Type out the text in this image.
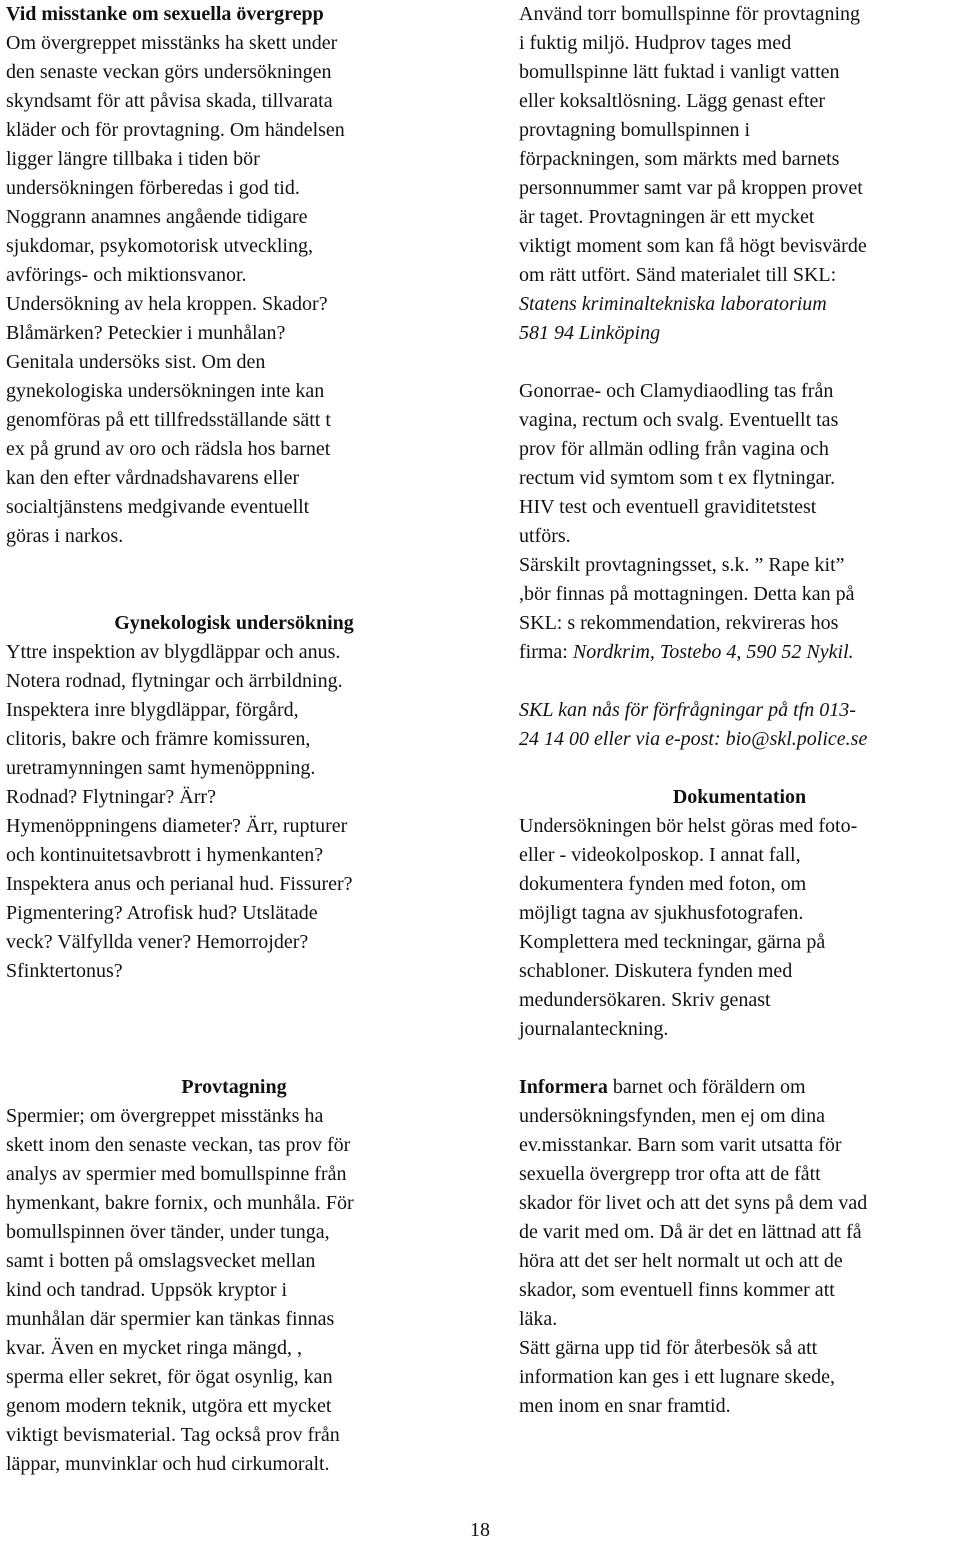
Vid misstanke om sexuella övergrepp

Om övergreppet misstänks ha skett under

den senaste veckan görs undersökningen

skyndsamt för att påvisa skada, tillvarata

kläder och för provtagning. Om händelsen

ligger längre tillbaka i tiden bör

undersökningen förberedas i god tid.

Noggrann anamnes angående tidigare

sjukdomar, psykomotorisk utveckling,

avförings- och miktionsvanor.

Undersökning av hela kroppen. Skador?

Blåmärken? Peteckier i munhålan?

Genitala undersöks sist. Om den

gynekologiska undersökningen inte kan

genomföras på ett tillfredsställande sätt t

ex på grund av oro och rädsla hos barnet

kan den efter vårdnadshavarens eller

socialtjänstens medgivande eventuellt

göras i narkos.

Gynekologisk undersökning

Yttre inspektion av blygdläppar och anus.

Notera rodnad, flytningar och ärrbildning.

Inspektera inre blygdläppar, förgård,

clitoris, bakre och främre komissuren,

uretramynningen samt hymenöppning.

Rodnad? Flytningar? Ärr?

Hymenöppningens diameter? Ärr, rupturer

och kontinuitetsavbrott i hymenkanten?

Inspektera anus och perianal hud. Fissurer?

Pigmentering? Atrofisk hud? Utslätade

veck? Välfyllda vener? Hemorrojder?

Sfinktertonus?

Provtagning

Spermier; om övergreppet misstänks ha

skett inom den senaste veckan, tas prov för

analys av spermier med bomullspinne från

hymenkant, bakre fornix, och munhåla. För

bomullspinnen över tänder, under tunga,

samt i botten på omslagsvecket mellan

kind och tandrad. Uppsök kryptor i

munhålan där spermier kan tänkas finnas

kvar. Även en mycket ringa mängd, ,

sperma eller sekret, för ögat osynlig, kan

genom modern teknik, utgöra ett mycket

viktigt bevismaterial. Tag också prov från

läppar, munvinklar och hud cirkumoralt.

Använd torr bomullspinne för provtagning

i fuktig miljö. Hudprov tages med

bomullspinne lätt fuktad i vanligt vatten

eller koksaltlösning. Lägg genast efter

provtagning bomullspinnen i

förpackningen, som märkts med barnets

personnummer samt var på kroppen provet

är taget. Provtagningen är ett mycket

viktigt moment som kan få högt bevisvärde

om rätt utfört. Sänd materialet till SKL:

Statens kriminaltekniska laboratorium

581 94 Linköping

Gonorrae- och Clamydiaodling tas från

vagina, rectum och svalg. Eventuellt tas

prov för allmän odling från vagina och

rectum vid symtom som t ex flytningar.

HIV test och eventuell graviditetstest

utförs.

Särskilt provtagningsset, s.k. ” Rape kit”

,bör finnas på mottagningen. Detta kan på

SKL: s rekommendation, rekvireras hos

firma: Nordkrim, Tostebo 4, 590 52 Nykil.

SKL kan nås för förfrågningar på tfn 013-

24 14 00 eller via e-post: bio@skl.police.se

Dokumentation

Undersökningen bör helst göras med foto-

eller - videokolposkop. I annat fall,

dokumentera fynden med foton, om

möjligt tagna av sjukhusfotografen.

Komplettera med teckningar, gärna på

schabloner. Diskutera fynden med

medundersökaren. Skriv genast

journalanteckning.

Informera barnet och föräldern om

undersökningsfynden, men ej om dina

ev.misstankar. Barn som varit utsatta för

sexuella övergrepp tror ofta att de fått

skador för livet och att det syns på dem vad

de varit med om. Då är det en lättnad att få

höra att det ser helt normalt ut och att de

skador, som eventuell finns kommer att

läka.

Sätt gärna upp tid för återbesök så att

information kan ges i ett lugnare skede,

men inom en snar framtid.

18
